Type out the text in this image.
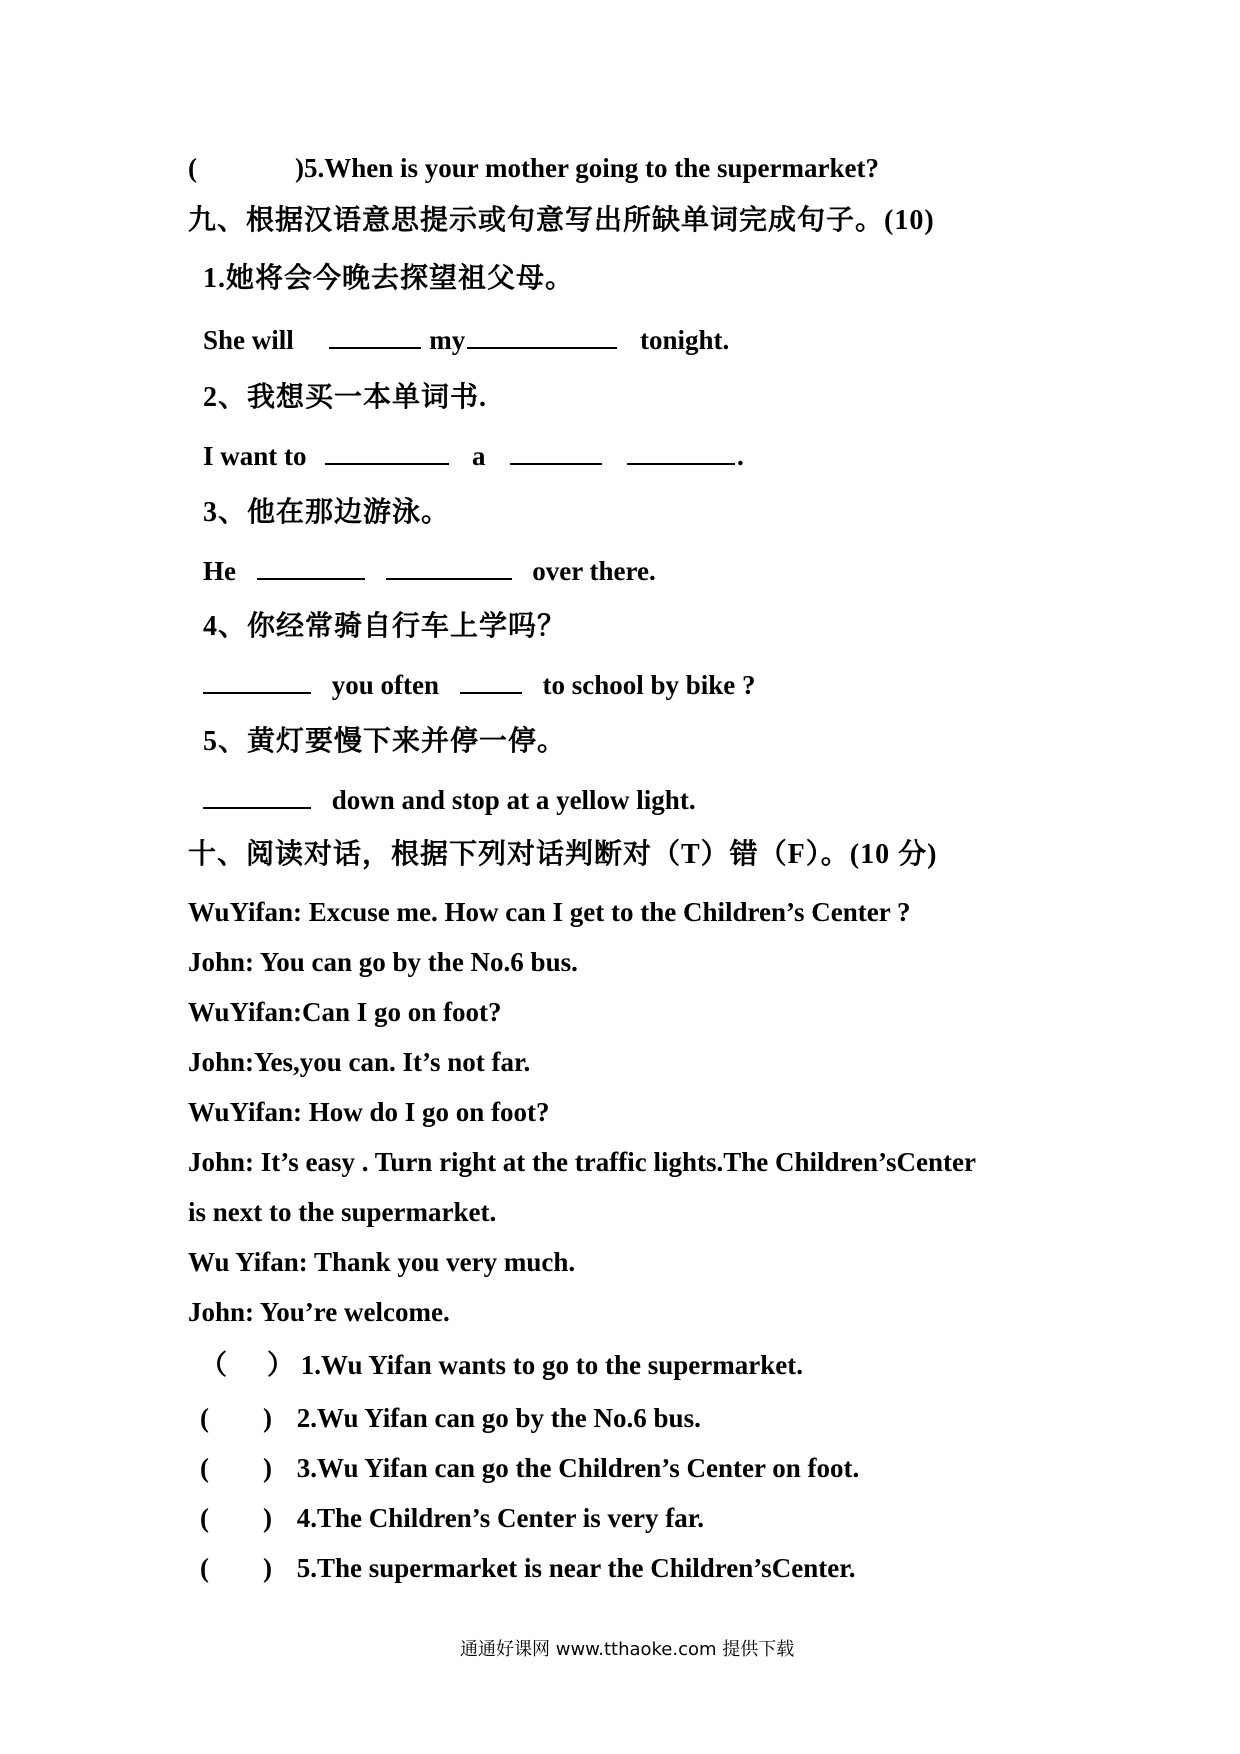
(	)5.When is your mother going to the supermarket?
九、根据汉语意思提示或句意写出所缺单词完成句子。(10)
1.她将会今晚去探望祖父母。
She will	my	tonight.
2、我想买一本单词书.
I want to	a	.
3、他在那边游泳。
He	over there.
4、你经常骑自行车上学吗？
you often	to school by bike ?
5、黄灯要慢下来并停一停。
down and stop at a yellow light.
十、阅读对话，根据下列对话判断对（T）错（F）。(10 分)
WuYifan: Excuse me. How can I get to the Children’s Center ?
John: You can go by the No.6 bus.
WuYifan:Can I go on foot?
John:Yes,you can. It’s not far.
WuYifan: How do I go on foot?
John: It’s easy . Turn right at the traffic lights.The Children’sCenter
is next to the supermarket.
Wu Yifan: Thank you very much.
John: You’re welcome.
（ ） 1.Wu Yifan wants to go to the supermarket.
( ) 2.Wu Yifan can go by the No.6 bus.
( ) 3.Wu Yifan can go the Children’s Center on foot.
( ) 4.The Children’s Center is very far.
( ) 5.The supermarket is near the Children’sCenter.
通通好课网 www.tthaoke.com 提供下载
